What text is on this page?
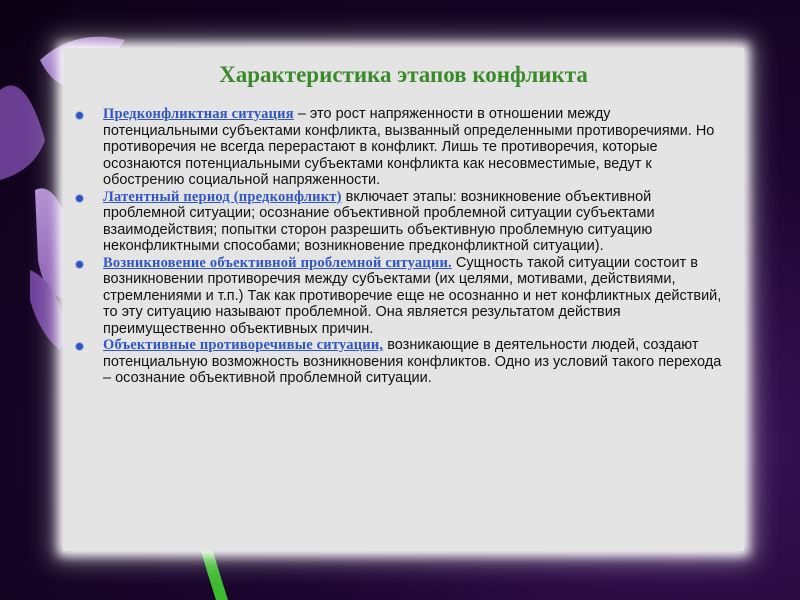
Характеристика этапов конфликта
Предконфликтная ситуация – это рост напряженности в отношении между потенциальными субъектами конфликта, вызванный определенными противоречиями. Но противоречия не всегда перерастают в конфликт. Лишь те противоречия, которые осознаются потенциальными субъектами конфликта как несовместимые, ведут к обострению социальной напряженности.
Латентный период (предконфликт) включает этапы: возникновение объективной проблемной ситуации; осознание объективной проблемной ситуации субъектами взаимодействия; попытки сторон разрешить объективную проблемную ситуацию неконфликтными способами; возникновение предконфликтной ситуации).
Возникновение объективной проблемной ситуации. Сущность такой ситуации состоит в возникновении противоречия между субъектами (их целями, мотивами, действиями, стремлениями и т.п.) Так как противоречие еще не осознанно и нет конфликтных действий, то эту ситуацию называют проблемной. Она является результатом действия преимущественно объективных причин.
Объективные противоречивые ситуации, возникающие в деятельности людей, создают потенциальную возможность возникновения конфликтов. Одно из условий такого перехода – осознание объективной проблемной ситуации.
